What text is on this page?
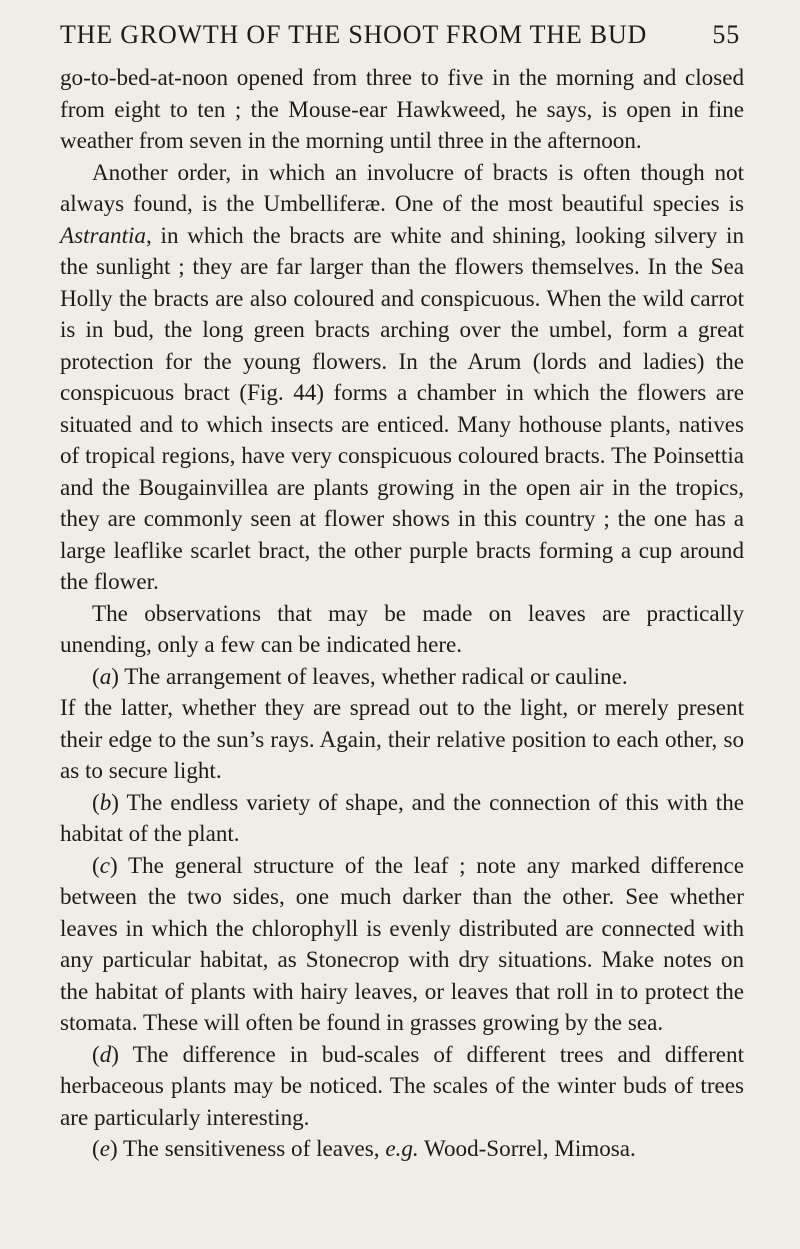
THE GROWTH OF THE SHOOT FROM THE BUD	55

go-to-bed-at-noon opened from three to five in the morning and closed from eight to ten ; the Mouse-ear Hawkweed, he says, is open in fine weather from seven in the morning until three in the afternoon.

Another order, in which an involucre of bracts is often though not always found, is the Umbelliferæ. One of the most beautiful species is Astrantia, in which the bracts are white and shining, looking silvery in the sunlight ; they are far larger than the flowers themselves. In the Sea Holly the bracts are also coloured and conspicuous. When the wild carrot is in bud, the long green bracts arching over the umbel, form a great protection for the young flowers. In the Arum (lords and ladies) the conspicuous bract (Fig. 44) forms a chamber in which the flowers are situated and to which insects are enticed. Many hothouse plants, natives of tropical regions, have very conspicuous coloured bracts. The Poinsettia and the Bougainvillea are plants growing in the open air in the tropics, they are commonly seen at flower shows in this country ; the one has a large leaflike scarlet bract, the other purple bracts forming a cup around the flower.

The observations that may be made on leaves are practically unending, only a few can be indicated here.

(a) The arrangement of leaves, whether radical or cauline.

If the latter, whether they are spread out to the light, or merely present their edge to the sun’s rays. Again, their relative position to each other, so as to secure light.

(b) The endless variety of shape, and the connection of this with the habitat of the plant.

(c) The general structure of the leaf ; note any marked difference between the two sides, one much darker than the other. See whether leaves in which the chlorophyll is evenly distributed are connected with any particular habitat, as Stonecrop with dry situations. Make notes on the habitat of plants with hairy leaves, or leaves that roll in to protect the stomata. These will often be found in grasses growing by the sea.

(d) The difference in bud-scales of different trees and different herbaceous plants may be noticed. The scales of the winter buds of trees are particularly interesting.

(e) The sensitiveness of leaves, e.g. Wood-Sorrel, Mimosa.
